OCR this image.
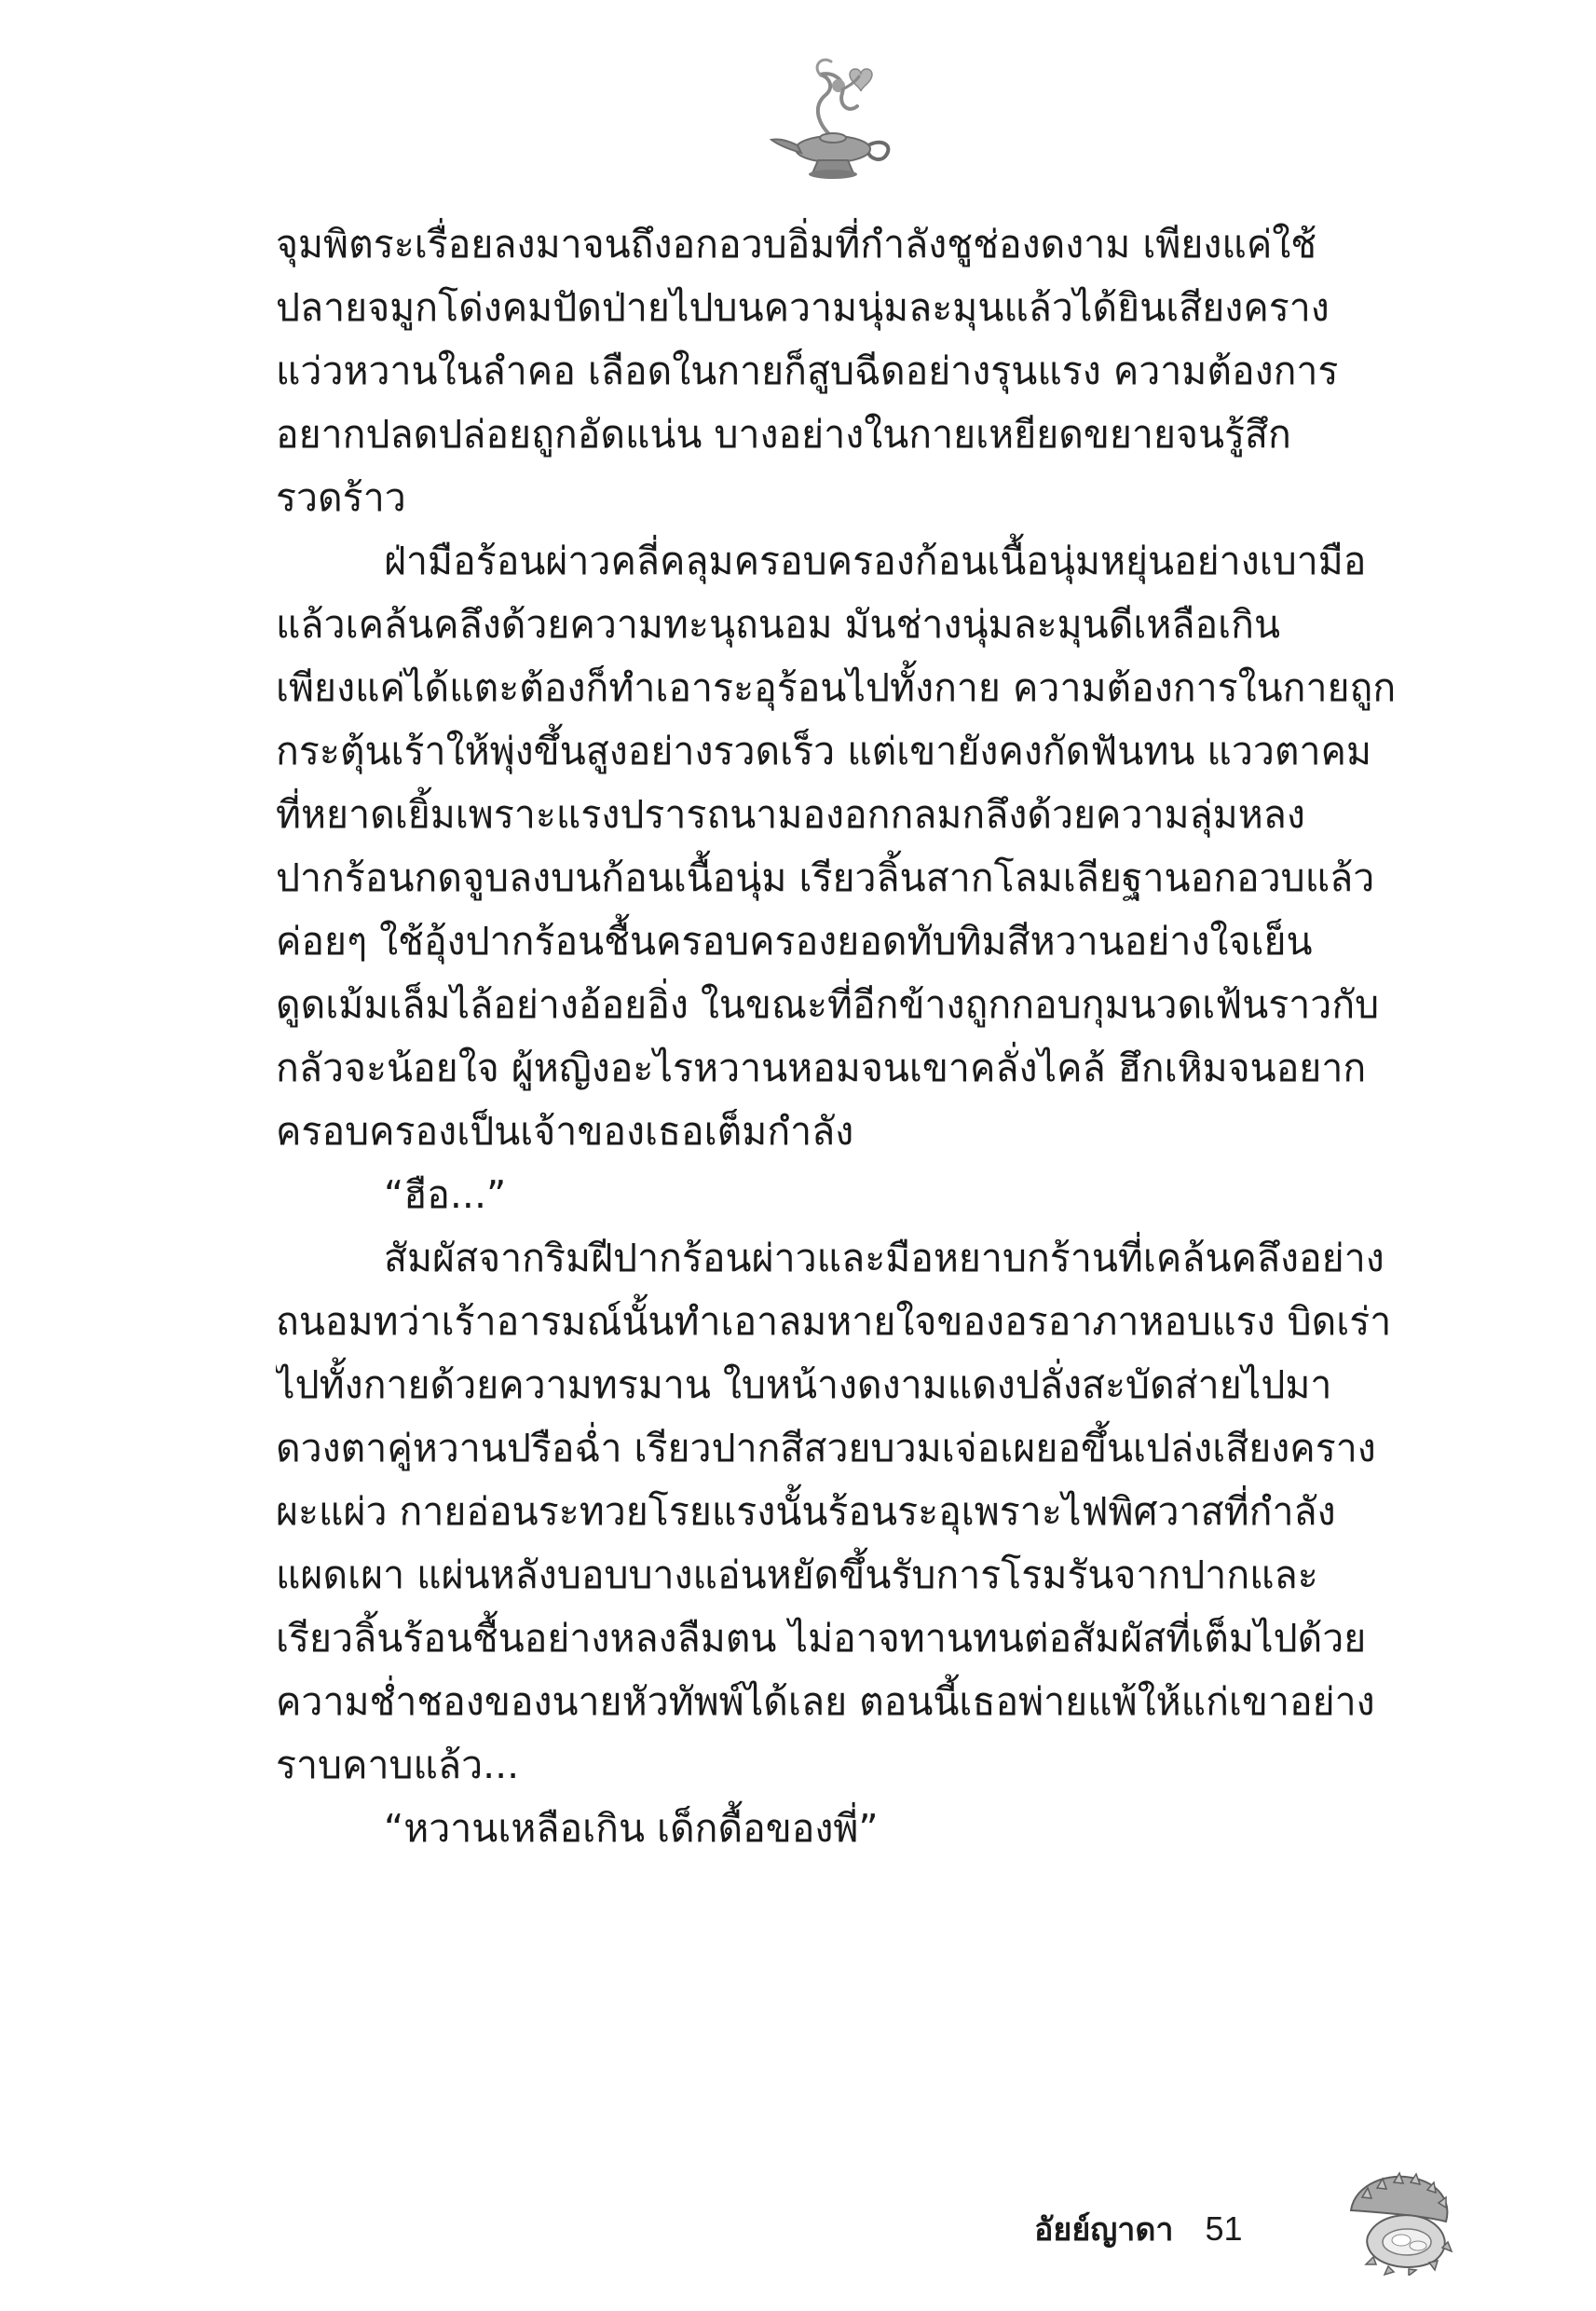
จุมพิตระเรื่อยลงมาจนถึงอกอวบอิ่มที่กำลังชูช่องดงาม เพียงแค่ใช้
ปลายจมูกโด่งคมปัดป่ายไปบนความนุ่มละมุนแล้วได้ยินเสียงคราง
แว่วหวานในลำคอ เลือดในกายก็สูบฉีดอย่างรุนแรง ความต้องการ
อยากปลดปล่อยถูกอัดแน่น บางอย่างในกายเหยียดขยายจนรู้สึก
รวดร้าว
ฝ่ามือร้อนผ่าวคลี่คลุมครอบครองก้อนเนื้อนุ่มหยุ่นอย่างเบามือ
แล้วเคล้นคลึงด้วยความทะนุถนอม มันช่างนุ่มละมุนดีเหลือเกิน
เพียงแค่ได้แตะต้องก็ทำเอาระอุร้อนไปทั้งกาย ความต้องการในกายถูก
กระตุ้นเร้าให้พุ่งขึ้นสูงอย่างรวดเร็ว แต่เขายังคงกัดฟันทน แววตาคม
ที่หยาดเยิ้มเพราะแรงปรารถนามองอกกลมกลึงด้วยความลุ่มหลง
ปากร้อนกดจูบลงบนก้อนเนื้อนุ่ม เรียวลิ้นสากโลมเลียฐานอกอวบแล้ว
ค่อยๆ ใช้อุ้งปากร้อนชื้นครอบครองยอดทับทิมสีหวานอย่างใจเย็น
ดูดเม้มเล็มไล้อย่างอ้อยอิ่ง ในขณะที่อีกข้างถูกกอบกุมนวดเฟ้นราวกับ
กลัวจะน้อยใจ ผู้หญิงอะไรหวานหอมจนเขาคลั่งไคล้ ฮึกเหิมจนอยาก
ครอบครองเป็นเจ้าของเธอเต็มกำลัง
“ฮือ...”
สัมผัสจากริมฝีปากร้อนผ่าวและมือหยาบกร้านที่เคล้นคลึงอย่าง
ถนอมทว่าเร้าอารมณ์นั้นทำเอาลมหายใจของอรอาภาหอบแรง บิดเร่า
ไปทั้งกายด้วยความทรมาน ใบหน้างดงามแดงปลั่งสะบัดส่ายไปมา
ดวงตาคู่หวานปรือฉ่ำ เรียวปากสีสวยบวมเจ่อเผยอขึ้นเปล่งเสียงคราง
ผะแผ่ว กายอ่อนระทวยโรยแรงนั้นร้อนระอุเพราะไฟพิศวาสที่กำลัง
แผดเผา แผ่นหลังบอบบางแอ่นหยัดขึ้นรับการโรมรันจากปากและ
เรียวลิ้นร้อนชื้นอย่างหลงลืมตน ไม่อาจทานทนต่อสัมผัสที่เต็มไปด้วย
ความช่ำชองของนายหัวทัพพ์ได้เลย ตอนนี้เธอพ่ายแพ้ให้แก่เขาอย่าง
ราบคาบแล้ว...
“หวานเหลือเกิน เด็กดื้อของพี่”
อัยย์ญาดา 51
